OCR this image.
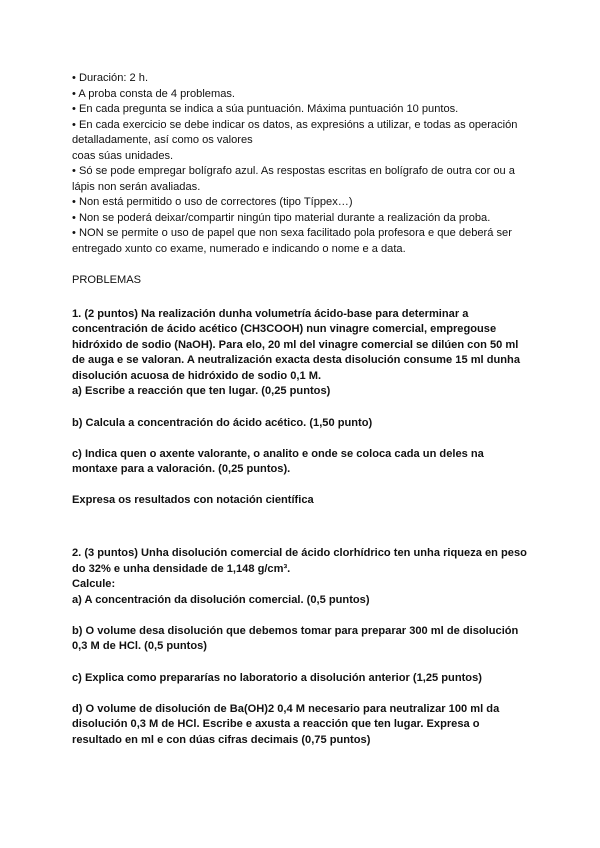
• Duración: 2 h.
• A proba consta de 4 problemas.
• En cada pregunta se indica a súa puntuación. Máxima puntuación 10 puntos.
• En cada exercicio se debe indicar os datos, as expresións a utilizar, e todas as operación
detalladamente, así como os valores
coas súas unidades.
• Só se pode empregar bolígrafo azul. As respostas escritas en bolígrafo de outra cor ou a
lápis non serán avaliadas.
• Non está permitido o uso de correctores (tipo Típpex…)
• Non se poderá deixar/compartir ningún tipo material durante a realización da proba.
• NON se permite o uso de papel que non sexa facilitado pola profesora e que deberá ser
entregado xunto co exame, numerado e indicando o nome e a data.
PROBLEMAS
1. (2 puntos) Na realización dunha volumetría ácido-base para determinar a
concentración de ácido acético (CH3COOH) nun vinagre comercial, empregouse
hidróxido de sodio (NaOH). Para elo, 20 ml del vinagre comercial se dilúen con 50 ml
de auga e se valoran. A neutralización exacta desta disolución consume 15 ml dunha
disolución acuosa de hidróxido de sodio 0,1 M.
a) Escribe a reacción que ten lugar. (0,25 puntos)
b) Calcula a concentración do ácido acético. (1,50 punto)
c) Indica quen o axente valorante, o analito e onde se coloca cada un deles na
montaxe para a valoración. (0,25 puntos).
Expresa os resultados con notación científica
2. (3 puntos) Unha disolución comercial de ácido clorhídrico ten unha riqueza en peso
do 32% e unha densidade de 1,148 g/cm³.
Calcule:
a) A concentración da disolución comercial. (0,5 puntos)
b) O volume desa disolución que debemos tomar para preparar 300 ml de disolución
0,3 M de HCl. (0,5 puntos)
c) Explica como prepararías no laboratorio a disolución anterior (1,25 puntos)
d) O volume de disolución de Ba(OH)2 0,4 M necesario para neutralizar 100 ml da
disolución 0,3 M de HCl. Escribe e axusta a reacción que ten lugar. Expresa o
resultado en ml e con dúas cifras decimais (0,75 puntos)
